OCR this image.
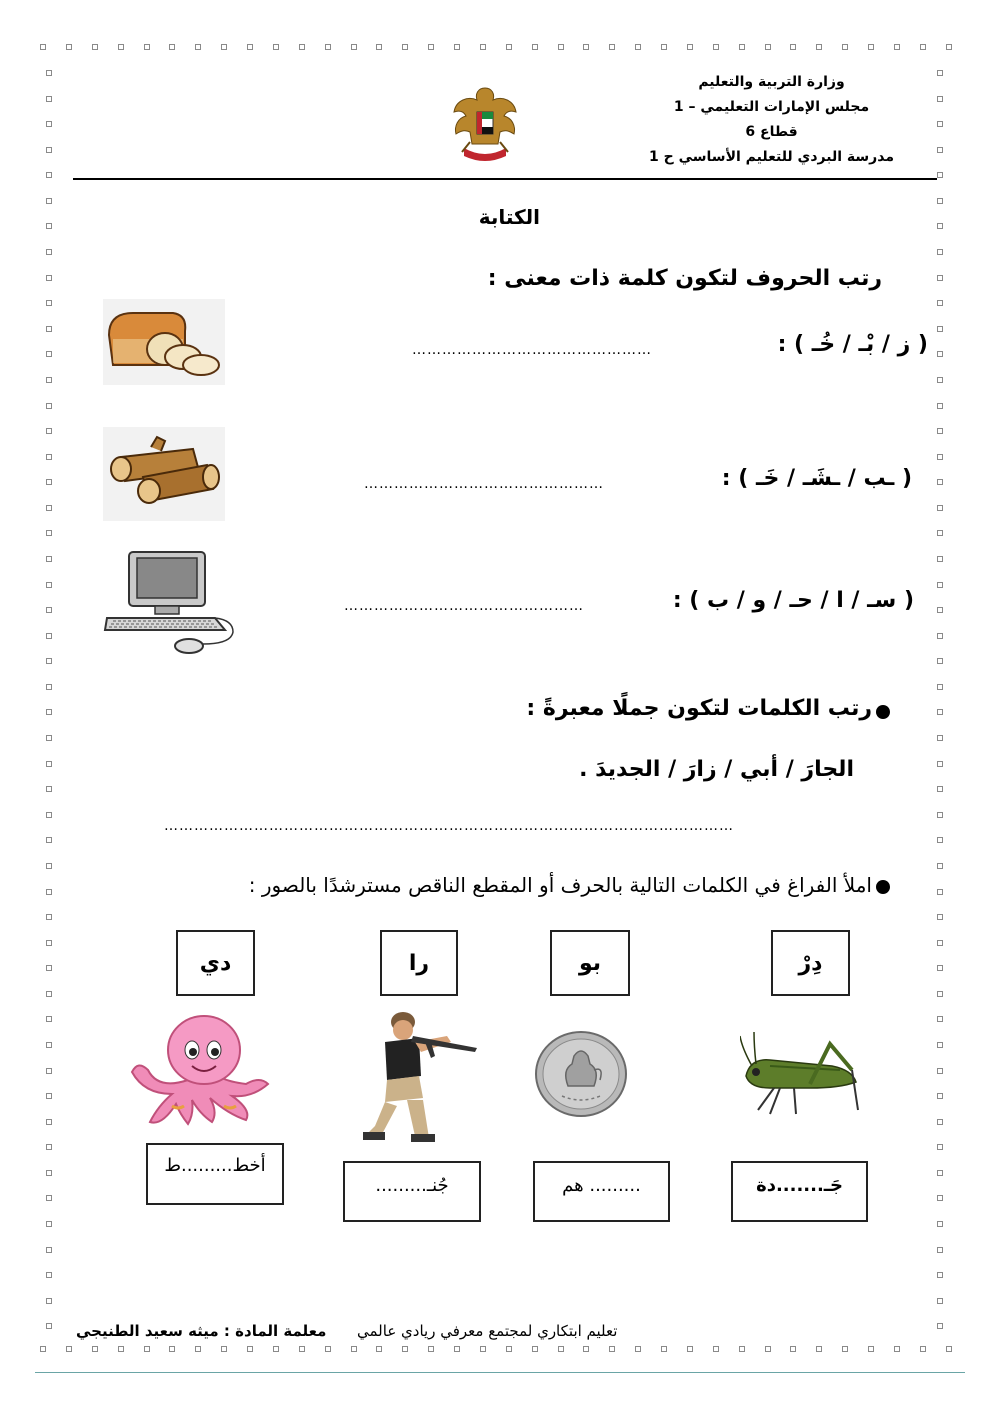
وزارة التربية والتعليم
مجلس الإمارات التعليمي – 1
قطاع 6
مدرسة البردي للتعليم الأساسي ح 1
الكتابة
رتب الحروف لتكون كلمة ذات معنى :
( ز / بْـ / خُـ ) :
…………………………………………
( ـب / ـشَـ / خَـ ) :
…………………………………………
( سـ / ا / حـ / و / ب ) :
…………………………………………
رتب الكلمات لتكون جملًا معبرةً :
الجارَ / أبي / زارَ / الجديدَ .
……………………………………………………………………………………………………
املأ الفراغ في الكلمات التالية بالحرف أو المقطع الناقص مسترشدًا بالصور :
دي	را	بو	دِرْ
أخط.........ط
جُنـ.........	......... هم	جَـ.......دة
تعليم ابتكاري لمجتمع معرفي ريادي عالمي
معلمة المادة : ميثه سعيد الطنيجي
